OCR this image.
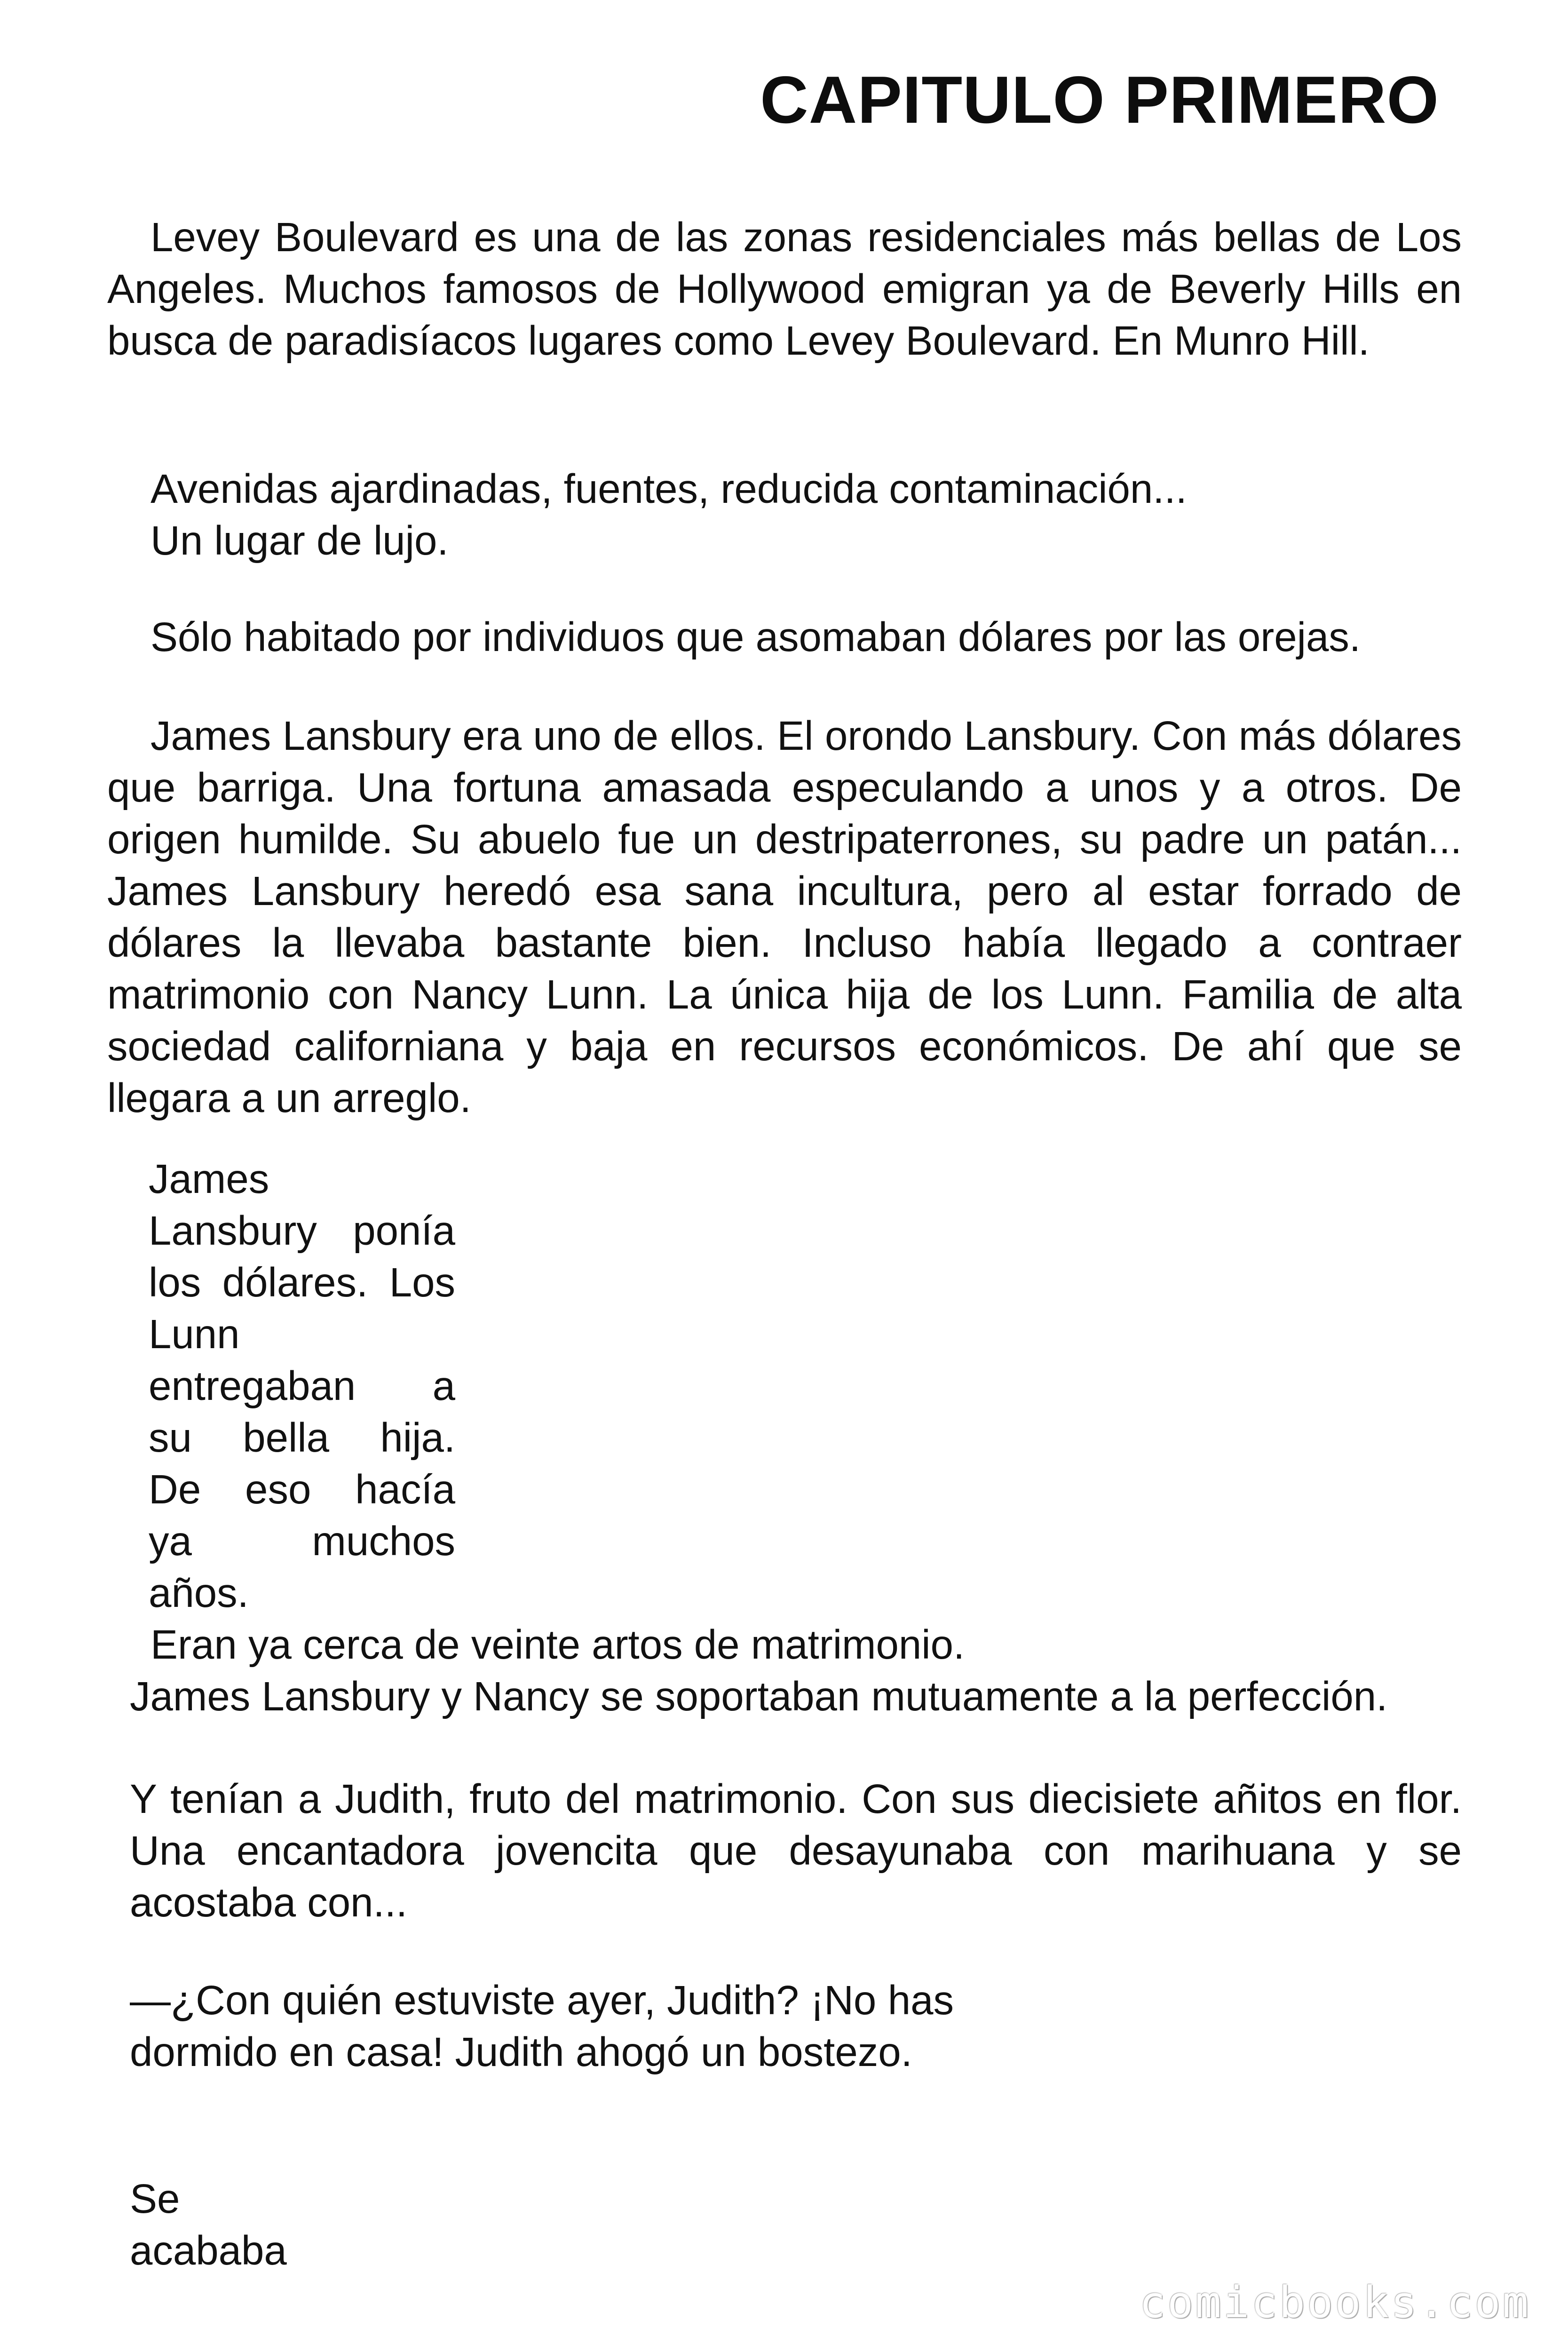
CAPITULO PRIMERO

Levey Boulevard es una de las zonas residenciales más bellas de Los Angeles. Muchos famosos de Hollywood emigran ya de Beverly Hills en busca de paradisíacos lugares como Levey Boulevard. En Munro Hill.

Avenidas ajardinadas, fuentes, reducida contaminación...
Un lugar de lujo.

Sólo habitado por individuos que asomaban dólares por las orejas.

James Lansbury era uno de ellos. El orondo Lansbury. Con más dólares que barriga. Una fortuna amasada especulando a unos y a otros. De origen humilde. Su abuelo fue un destripaterrones, su padre un patán... James Lansbury heredó esa sana incultura, pero al estar forrado de dólares la llevaba bastante bien. Incluso había llegado a contraer matrimonio con Nancy Lunn. La única hija de los Lunn. Familia de alta sociedad californiana y baja en recursos económicos. De ahí que se llegara a un arreglo.

James
Lansbury ponía
los dólares. Los
Lunn
entregaban a
su bella hija.
De eso hacía
ya muchos
años.

Eran ya cerca de veinte artos de matrimonio.

James Lansbury y Nancy se soportaban mutuamente a la perfección.

Y tenían a Judith, fruto del matrimonio. Con sus diecisiete añitos en flor. Una encantadora jovencita que desayunaba con marihuana y se acostaba con...

—¿Con quién estuviste ayer, Judith? ¡No has dormido en casa! Judith ahogó un bostezo.

Se
acababa

comicbooks.com
